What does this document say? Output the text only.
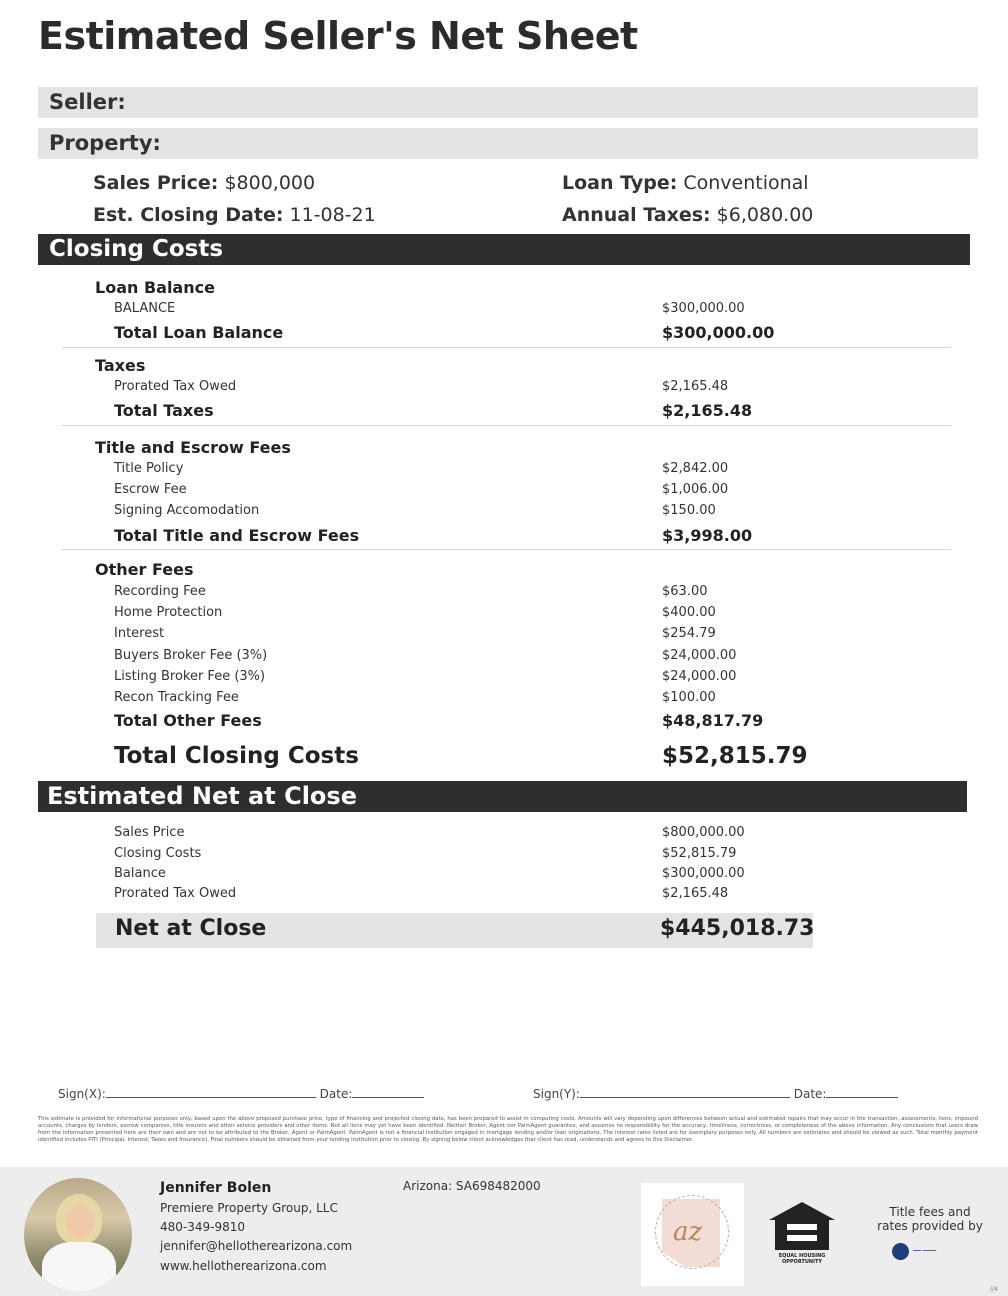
Estimated Seller's Net Sheet
Seller:
Property:
Sales Price: $800,000
Est. Closing Date: 11-08-21
Loan Type: Conventional
Annual Taxes: $6,080.00
Closing Costs
Loan Balance
BALANCE	$300,000.00
Total Loan Balance	$300,000.00
Taxes
Prorated Tax Owed	$2,165.48
Total Taxes	$2,165.48
Title and Escrow Fees
Title Policy	$2,842.00
Escrow Fee	$1,006.00
Signing Accomodation	$150.00
Total Title and Escrow Fees	$3,998.00
Other Fees
Recording Fee	$63.00
Home Protection	$400.00
Interest	$254.79
Buyers Broker Fee (3%)	$24,000.00
Listing Broker Fee (3%)	$24,000.00
Recon Tracking Fee	$100.00
Total Other Fees	$48,817.79
Total Closing Costs	$52,815.79
Estimated Net at Close
Sales Price	$800,000.00
Closing Costs	$52,815.79
Balance	$300,000.00
Prorated Tax Owed	$2,165.48
Net at Close	$445,018.73
Sign(X):	Date:	Sign(Y):	Date:
This estimate is provided for informational purposes only, based upon the above proposed purchase price, type of financing and projected closing date, has been prepared to assist in computing costs. Amounts will vary depending upon differences between actual and estimated repairs that may occur in the transaction, assessments, liens, impound accounts, charges by lenders, escrow companies, title insurers and other service providers and other items. Not all liens may yet have been identified. Neither Broker, Agent nor PalmAgent guarantee, and assumes no responsibility for the accuracy, timeliness, correctness, or completeness of the above information. Any conclusions that users draw from the information presented here are their own and are not to be attributed to the Broker, Agent or PalmAgent. PalmAgent is not a financial institution engaged in mortgage lending and/or loan originations. The interest rates listed are for exemplary purposes only. All numbers are estimates and should be viewed as such. Total monthly payment identified includes PITI (Principal, Interest, Taxes and Insurance). Final numbers should be obtained from your lending institution prior to closing. By signing below client acknowledges that client has read, understands and agrees to this Disclaimer.
Jennifer Bolen
Premiere Property Group, LLC
480-349-9810
jennifer@hellotherearizona.com
www.hellotherearizona.com
Arizona: SA698482000
az
EQUAL HOUSING
OPPORTUNITY
Title fees and
rates provided by
━━━ ━━━━━
//4
